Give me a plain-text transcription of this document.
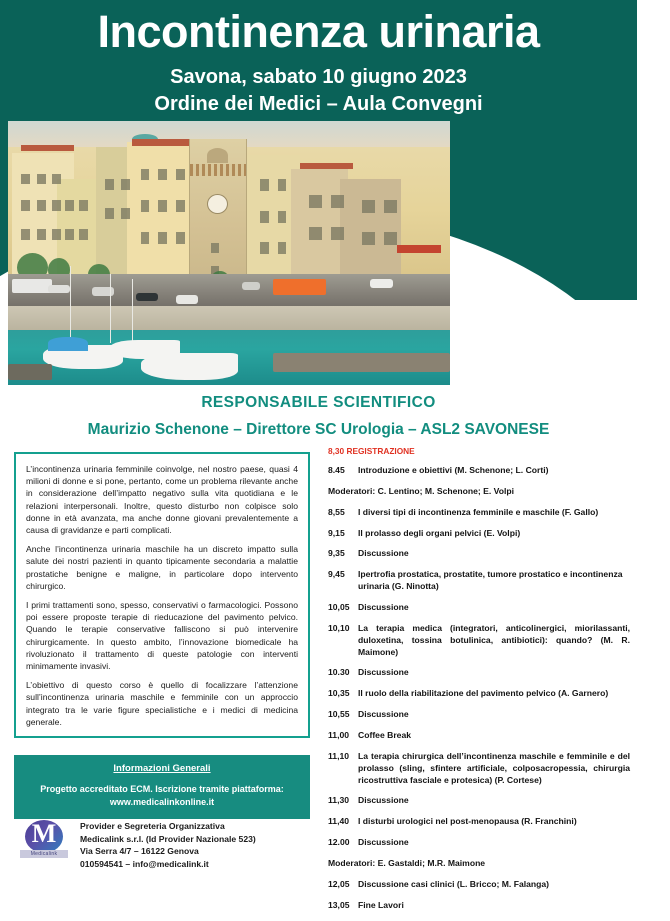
Incontinenza urinaria
Savona, sabato 10 giugno 2023
Ordine dei Medici – Aula Convegni
RESPONSABILE SCIENTIFICO
Maurizio Schenone – Direttore SC Urologia – ASL2 SAVONESE

L’incontinenza urinaria femminile coinvolge, nel nostro paese, quasi 4 milioni di donne e si pone, pertanto, come un problema rilevante anche in considerazione dell’impatto negativo sulla vita quotidiana e le relazioni interpersonali. Inoltre, questo disturbo non colpisce solo donne in età avanzata, ma anche donne giovani prevalentemente a causa di gravidanze e parti complicati.

Anche l’incontinenza urinaria maschile ha un discreto impatto sulla salute dei nostri pazienti in quanto tipicamente secondaria a malattie prostatiche benigne e maligne, in particolare dopo intervento chirurgico.

I primi trattamenti sono, spesso, conservativi o farmacologici. Possono poi essere proposte terapie di rieducazione del pavimento pelvico. Quando le terapie conservative falliscono si può intervenire chirurgicamente. In questo ambito, l’innovazione biomedicale ha rivoluzionato il trattamento di queste patologie con interventi minimamente invasivi.

L’obiettivo di questo corso è quello di focalizzare l’attenzione sull’incontinenza urinaria maschile e femminile con un approccio integrato tra le varie figure specialistiche e i medici di medicina generale.

Informazioni Generali
Progetto accreditato ECM. Iscrizione tramite piattaforma:
www.medicalinkonline.it
M
Medicalink
Provider e Segreteria Organizzativa
Medicalink s.r.l. (Id Provider Nazionale 523)
Via Serra 4/7 – 16122 Genova
010594541 – info@medicalink.it
8,30 REGISTRAZIONE
8.45	Introduzione e obiettivi (M. Schenone; L. Corti)
Moderatori: C. Lentino; M. Schenone; E. Volpi
8,55	I diversi tipi di incontinenza femminile e maschile (F. Gallo)
9,15	Il prolasso degli organi pelvici (E. Volpi)
9,35	Discussione
9,45	Ipertrofia prostatica, prostatite, tumore prostatico e incontinenza urinaria (G. Ninotta)
10,05 Discussione
10,10 La terapia medica (integratori, anticolinergici, miorilassanti, duloxetina, tossina botulinica, antibiotici): quando? (M. R. Maimone)
10.30 Discussione
10,35 Il ruolo della riabilitazione del pavimento pelvico (A. Garnero)
10,55 Discussione
11,00	Coffee Break
11,10	La terapia chirurgica dell’incontinenza maschile e femminile e del prolasso (sling, sfintere artificiale, colposacropessia, chirurgia ricostruttiva fasciale e protesica) (P. Cortese)
11,30	Discussione
11,40	I disturbi urologici nel post-menopausa (R. Franchini)
12.00 Discussione
Moderatori: E. Gastaldi; M.R. Maimone
12,05 Discussione casi clinici (L. Bricco; M. Falanga)
13,05 Fine Lavori
